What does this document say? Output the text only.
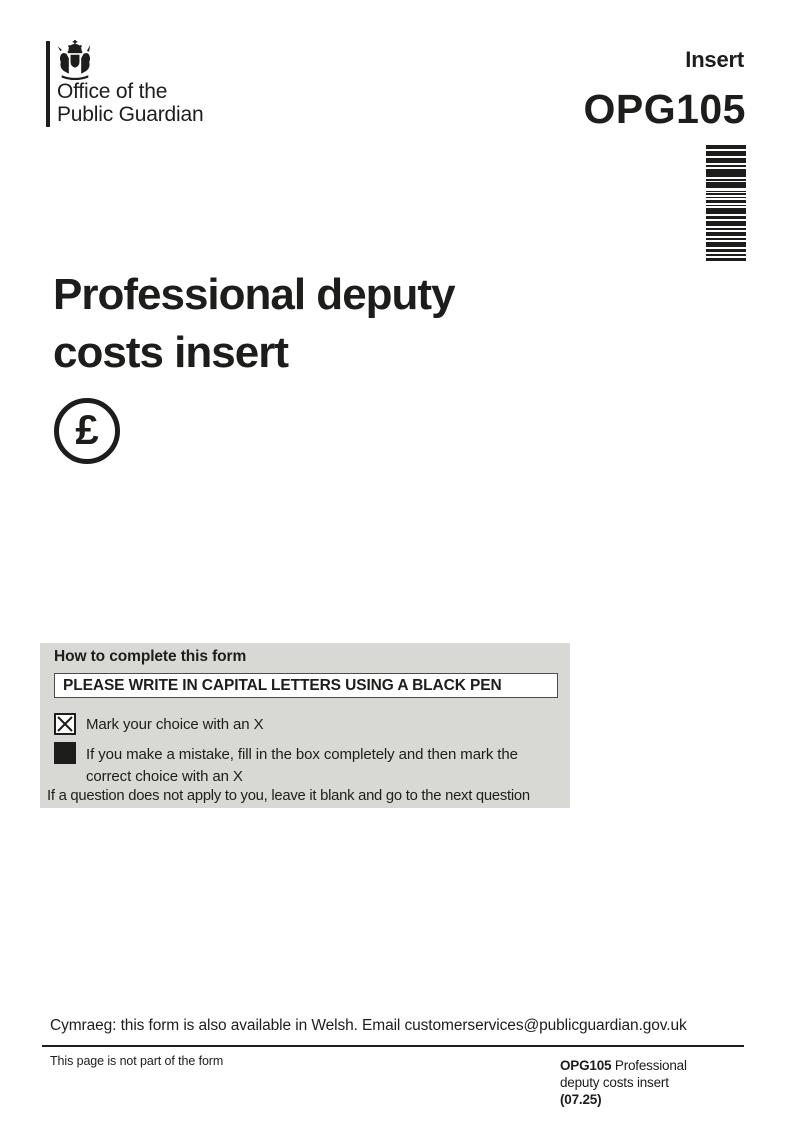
Office of the
Public Guardian
Insert
OPG105
Professional deputy
costs insert
£
How to complete this form
PLEASE WRITE IN CAPITAL LETTERS USING A BLACK PEN
Mark your choice with an X
If you make a mistake, fill in the box completely and then mark the
correct choice with an X
If a question does not apply to you, leave it blank and go to the next question
Cymraeg: this form is also available in Welsh. Email customerservices@publicguardian.gov.uk
This page is not part of the form	OPG105 Professional
deputy costs insert
(07.25)
